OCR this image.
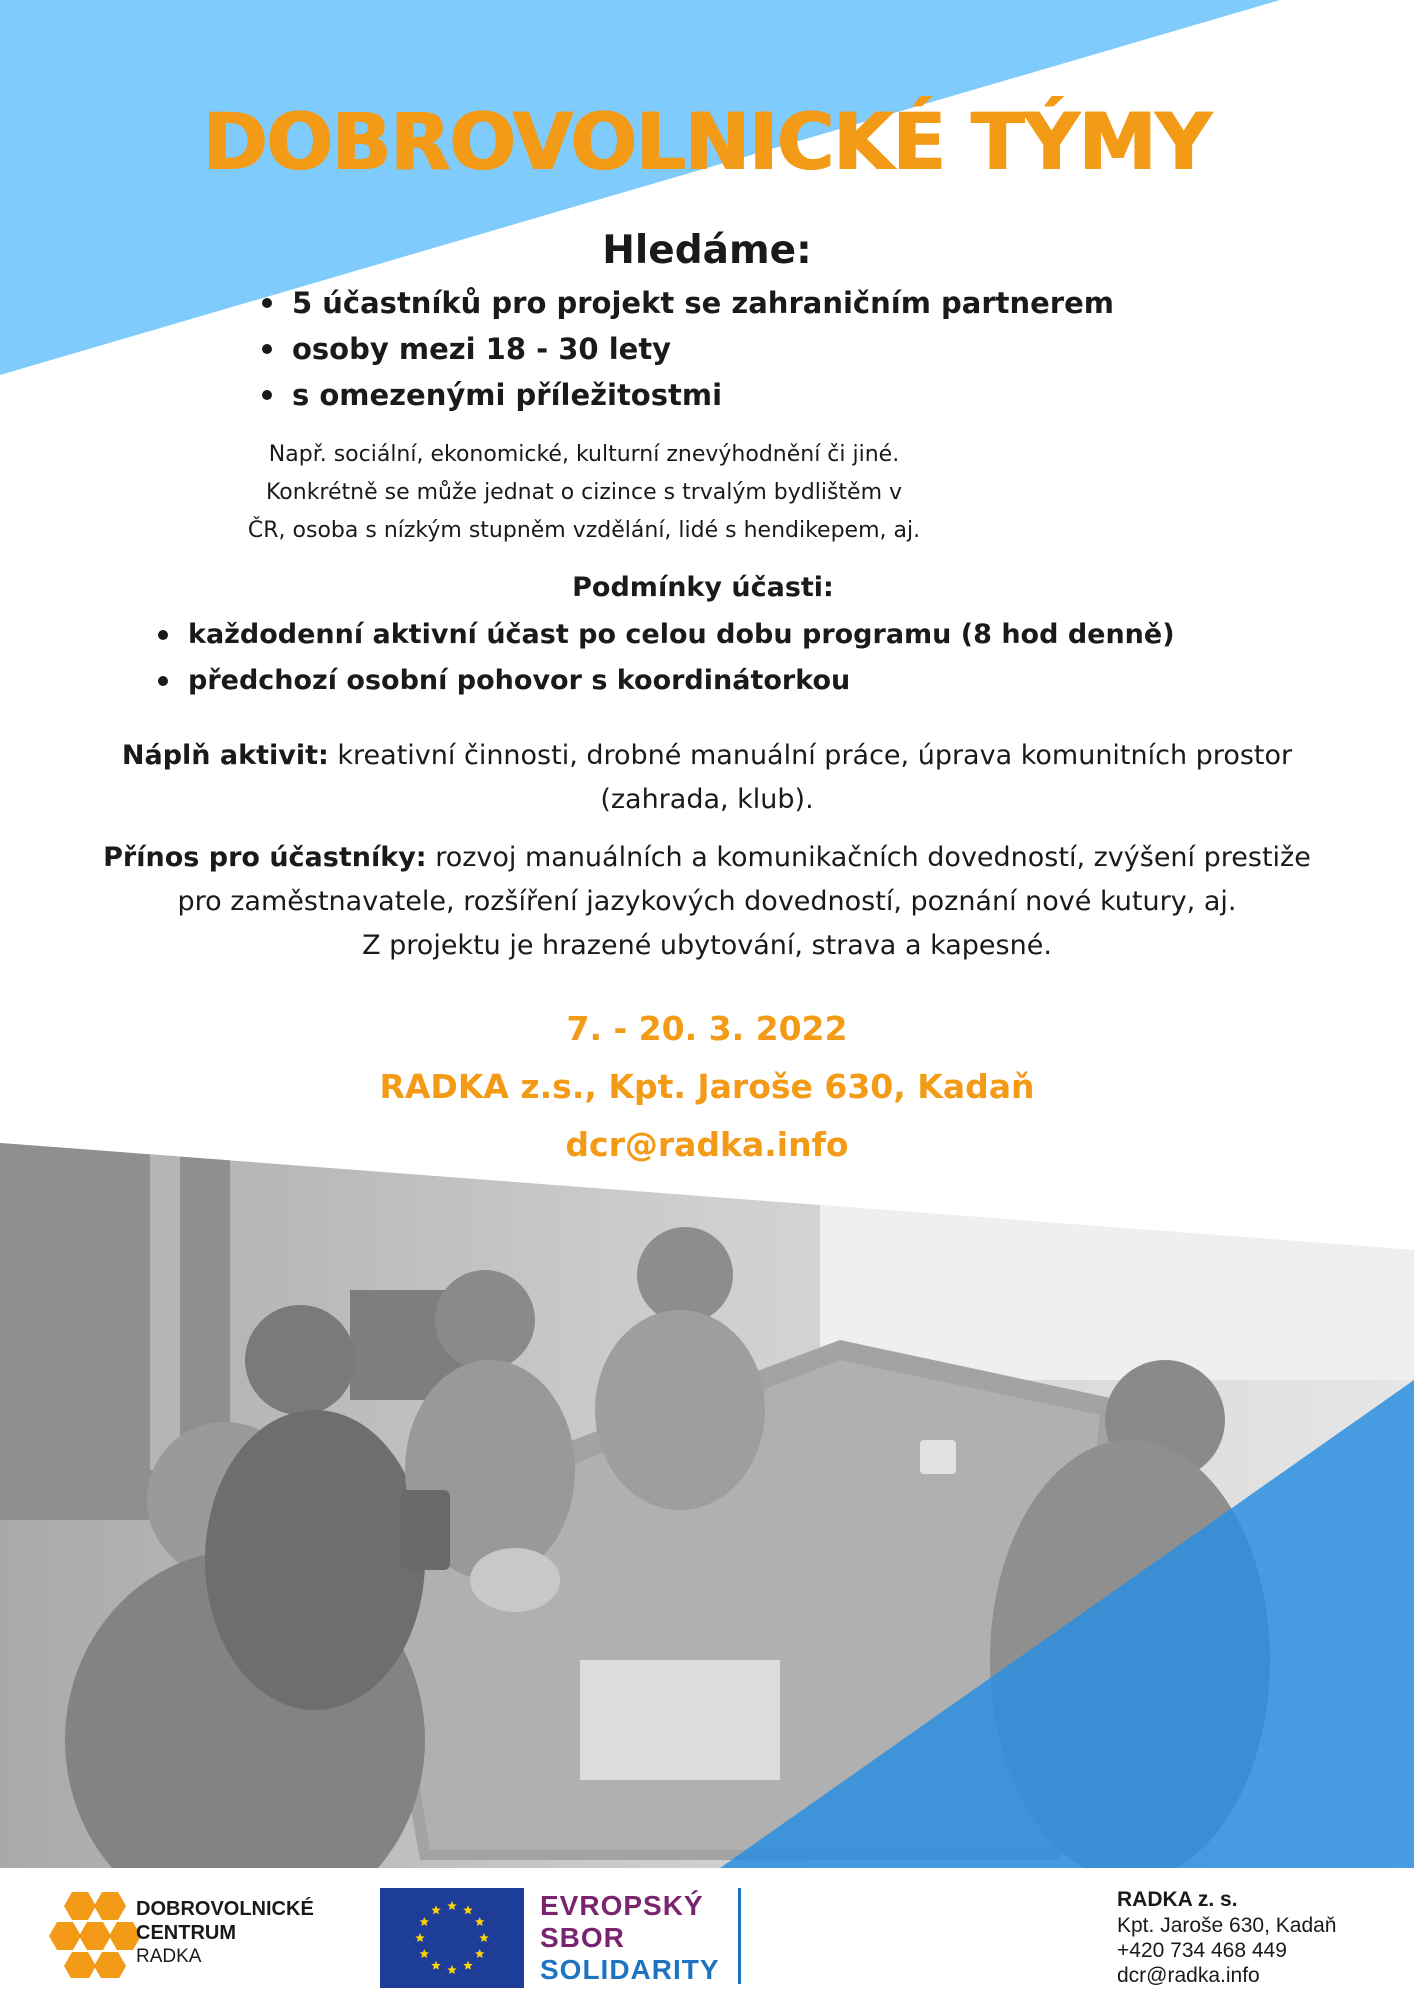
DOBROVOLNICKÉ TÝMY
Hledáme:
5 účastníků pro projekt se zahraničním partnerem
osoby mezi 18 - 30 lety
s omezenými příležitostmi
Např. sociální, ekonomické, kulturní znevýhodnění či jiné.
Konkrétně se může jednat o cizince s trvalým bydlištěm v
ČR, osoba s nízkým stupněm vzdělání, lidé s hendikepem, aj.
Podmínky účasti:
každodenní aktivní účast po celou dobu programu (8 hod denně)
předchozí osobní pohovor s koordinátorkou
Náplň aktivit: kreativní činnosti, drobné manuální práce, úprava komunitních prostor
(zahrada, klub).
Přínos pro účastníky: rozvoj manuálních a komunikačních dovedností, zvýšení prestiže
pro zaměstnavatele, rozšíření jazykových dovedností, poznání nové kutury, aj.
Z projektu je hrazené ubytování, strava a kapesné.
7. - 20. 3. 2022
RADKA z.s., Kpt. Jaroše 630, Kadaň
dcr@radka.info
DOBROVOLNICKÉ
CENTRUM
RADKA
EVROPSKÝ
SBOR
SOLIDARITY
RADKA z. s.
Kpt. Jaroše 630, Kadaň
+420 734 468 449
dcr@radka.info
